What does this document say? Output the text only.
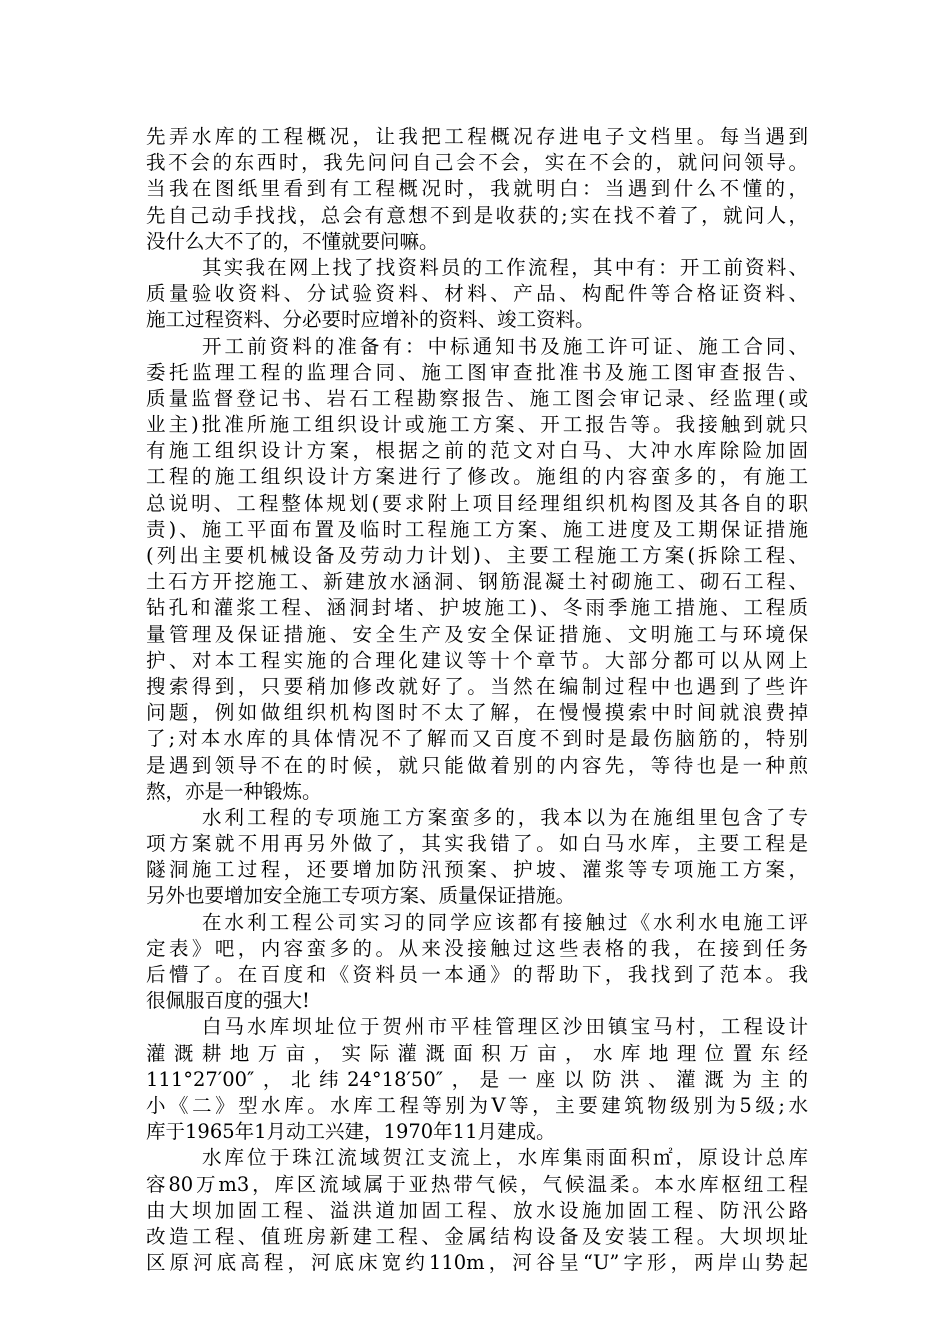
先弄水库的工程概况，让我把工程概况存进电子文档里。每当遇到
我不会的东西时，我先问问自己会不会，实在不会的，就问问领导。
当我在图纸里看到有工程概况时，我就明白：当遇到什么不懂的，
先自己动手找找，总会有意想不到是收获的;实在找不着了，就问人，
没什么大不了的，不懂就要问嘛。
其实我在网上找了找资料员的工作流程，其中有：开工前资料、
质量验收资料、分试验资料、材料、产品、构配件等合格证资料、
施工过程资料、分必要时应增补的资料、竣工资料。
开工前资料的准备有：中标通知书及施工许可证、施工合同、
委托监理工程的监理合同、施工图审查批准书及施工图审查报告、
质量监督登记书、岩石工程勘察报告、施工图会审记录、经监理(或
业主)批准所施工组织设计或施工方案、开工报告等。我接触到就只
有施工组织设计方案，根据之前的范文对白马、大冲水库除险加固
工程的施工组织设计方案进行了修改。施组的内容蛮多的，有施工
总说明、工程整体规划(要求附上项目经理组织机构图及其各自的职
责)、施工平面布置及临时工程施工方案、施工进度及工期保证措施
(列出主要机械设备及劳动力计划)、主要工程施工方案(拆除工程、
土石方开挖施工、新建放水涵洞、钢筋混凝土衬砌施工、砌石工程、
钻孔和灌浆工程、涵洞封堵、护坡施工)、冬雨季施工措施、工程质
量管理及保证措施、安全生产及安全保证措施、文明施工与环境保
护、对本工程实施的合理化建议等十个章节。大部分都可以从网上
搜索得到，只要稍加修改就好了。当然在编制过程中也遇到了些许
问题，例如做组织机构图时不太了解，在慢慢摸索中时间就浪费掉
了;对本水库的具体情况不了解而又百度不到时是最伤脑筋的，特别
是遇到领导不在的时候，就只能做着别的内容先，等待也是一种煎
熬，亦是一种锻炼。
水利工程的专项施工方案蛮多的，我本以为在施组里包含了专
项方案就不用再另外做了，其实我错了。如白马水库，主要工程是
隧洞施工过程，还要增加防汛预案、护坡、灌浆等专项施工方案，
另外也要增加安全施工专项方案、质量保证措施。
在水利工程公司实习的同学应该都有接触过《水利水电施工评
定表》吧，内容蛮多的。从来没接触过这些表格的我，在接到任务
后懵了。在百度和《资料员一本通》的帮助下，我找到了范本。我
很佩服百度的强大!
白马水库坝址位于贺州市平桂管理区沙田镇宝马村，工程设计
灌溉耕地万亩，实际灌溉面积万亩，水库地理位置东经
111°27′00″，北纬24°18′50″，是一座以防洪、灌溉为主的
小《二》型水库。水库工程等别为Ⅴ等，主要建筑物级别为5级;水
库于1965年1月动工兴建，1970年11月建成。
水库位于珠江流域贺江支流上，水库集雨面积㎡，原设计总库
容80万m3，库区流域属于亚热带气候，气候温柔。本水库枢纽工程
由大坝加固工程、溢洪道加固工程、放水设施加固工程、防汛公路
改造工程、值班房新建工程、金属结构设备及安装工程。大坝坝址
区原河底高程，河底床宽约110m，河谷呈“U”字形，两岸山势起
